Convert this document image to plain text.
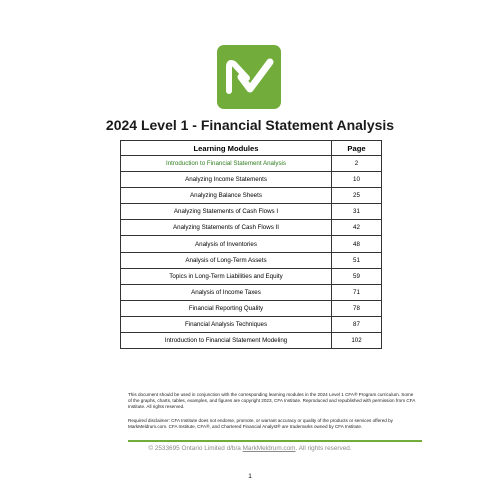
2024 Level 1 - Financial Statement Analysis
Learning Modules	Page
Introduction to Financial Statement Analysis	2
Analyzing Income Statements	10
Analyzing Balance Sheets	25
Analyzing Statements of Cash Flows I	31
Analyzing Statements of Cash Flows II	42
Analysis of Inventories	48
Analysis of Long-Term Assets	51
Topics in Long-Term Liabilities and Equity	59
Analysis of Income Taxes	71
Financial Reporting Quality	78
Financial Analysis Techniques	87
Introduction to Financial Statement Modeling	102
This document should be used in conjunction with the corresponding learning modules in the 2024 Level 1 CFA® Program curriculum. Some of the graphs, charts, tables, examples, and figures are copyright 2023, CFA Institute. Reproduced and republished with permission from CFA Institute. All rights reserved.
Required disclaimer: CFA Institute does not endorse, promote, or warrant accuracy or quality of the products or services offered by MarkMeldrum.com. CFA Institute, CFA®, and Chartered Financial Analyst® are trademarks owned by CFA Institute.
© 2533695 Ontario Limited d/b/a MarkMeldrum.com. All rights reserved.
1
